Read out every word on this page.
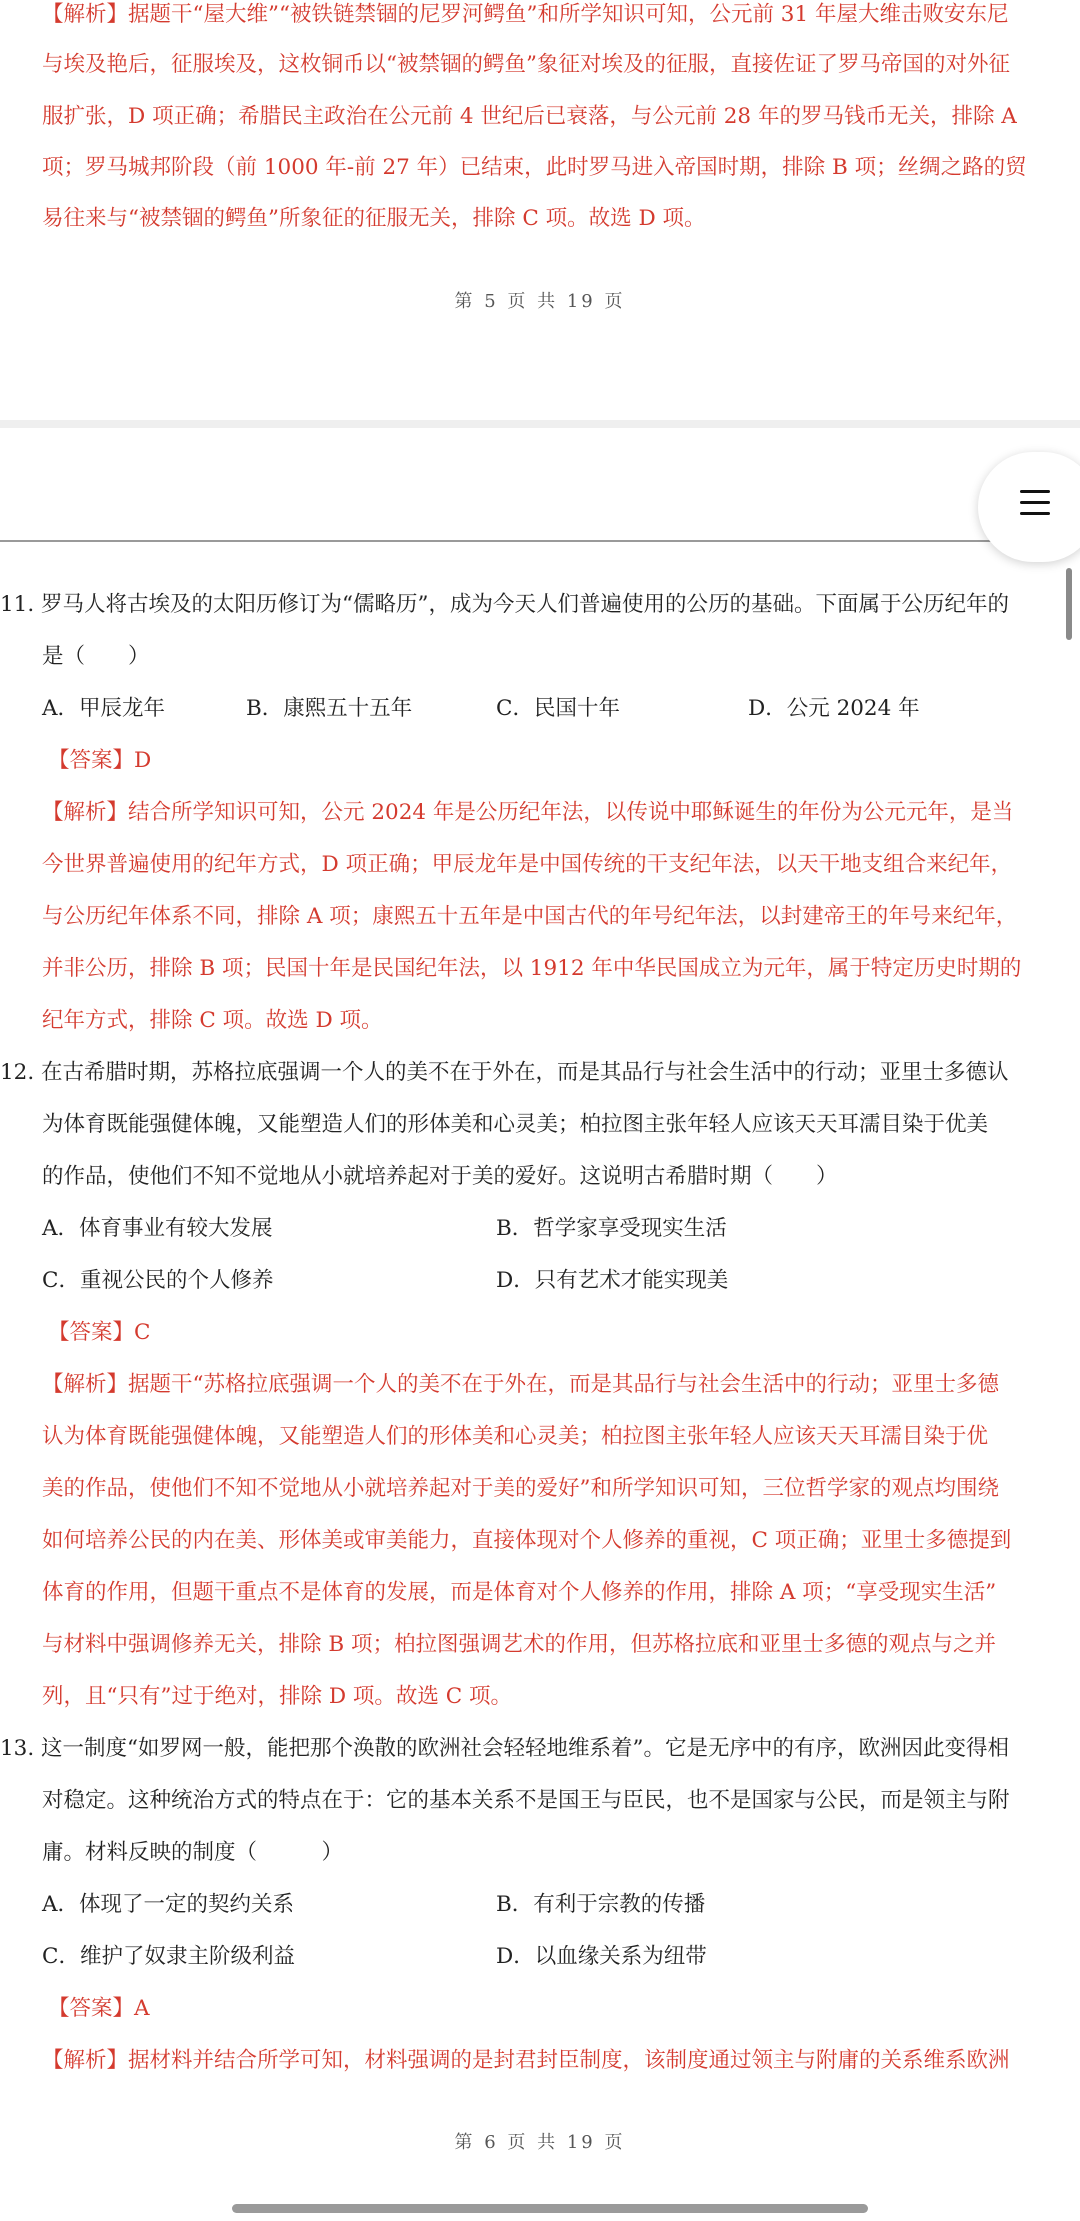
【解析】据题干“屋大维”“被铁链禁锢的尼罗河鳄鱼”和所学知识可知，公元前 31 年屋大维击败安东尼
与埃及艳后，征服埃及，这枚铜币以“被禁锢的鳄鱼”象征对埃及的征服，直接佐证了罗马帝国的对外征
服扩张，D 项正确；希腊民主政治在公元前 4 世纪后已衰落，与公元前 28 年的罗马钱币无关，排除 A
项；罗马城邦阶段（前 1000 年-前 27 年）已结束，此时罗马进入帝国时期，排除 B 项；丝绸之路的贸
易往来与“被禁锢的鳄鱼”所象征的征服无关，排除 C 项。故选 D 项。
第 5 页 共 19 页
11. 罗马人将古埃及的太阳历修订为“儒略历”，成为今天人们普遍使用的公历的基础。下面属于公历纪年的
是（　　）
A．甲辰龙年	B．康熙五十五年	C．民国十年	D．公元 2024 年
【答案】D
【解析】结合所学知识可知，公元 2024 年是公历纪年法，以传说中耶稣诞生的年份为公元元年，是当
今世界普遍使用的纪年方式，D 项正确；甲辰龙年是中国传统的干支纪年法，以天干地支组合来纪年，
与公历纪年体系不同，排除 A 项；康熙五十五年是中国古代的年号纪年法，以封建帝王的年号来纪年，
并非公历，排除 B 项；民国十年是民国纪年法，以 1912 年中华民国成立为元年，属于特定历史时期的
纪年方式，排除 C 项。故选 D 项。
12. 在古希腊时期，苏格拉底强调一个人的美不在于外在，而是其品行与社会生活中的行动；亚里士多德认
为体育既能强健体魄，又能塑造人们的形体美和心灵美；柏拉图主张年轻人应该天天耳濡目染于优美
的作品，使他们不知不觉地从小就培养起对于美的爱好。这说明古希腊时期（　　）
A．体育事业有较大发展	B．哲学家享受现实生活
C．重视公民的个人修养	D．只有艺术才能实现美
【答案】C
【解析】据题干“苏格拉底强调一个人的美不在于外在，而是其品行与社会生活中的行动；亚里士多德
认为体育既能强健体魄，又能塑造人们的形体美和心灵美；柏拉图主张年轻人应该天天耳濡目染于优
美的作品，使他们不知不觉地从小就培养起对于美的爱好”和所学知识可知，三位哲学家的观点均围绕
如何培养公民的内在美、形体美或审美能力，直接体现对个人修养的重视，C 项正确；亚里士多德提到
体育的作用，但题干重点不是体育的发展，而是体育对个人修养的作用，排除 A 项；“享受现实生活”
与材料中强调修养无关，排除 B 项；柏拉图强调艺术的作用，但苏格拉底和亚里士多德的观点与之并
列，且“只有”过于绝对，排除 D 项。故选 C 项。
13. 这一制度“如罗网一般，能把那个涣散的欧洲社会轻轻地维系着”。它是无序中的有序，欧洲因此变得相
对稳定。这种统治方式的特点在于：它的基本关系不是国王与臣民，也不是国家与公民，而是领主与附
庸。材料反映的制度（　　　）
A．体现了一定的契约关系	B．有利于宗教的传播
C．维护了奴隶主阶级利益	D．以血缘关系为纽带
【答案】A
【解析】据材料并结合所学可知，材料强调的是封君封臣制度，该制度通过领主与附庸的关系维系欧洲
第 6 页 共 19 页
